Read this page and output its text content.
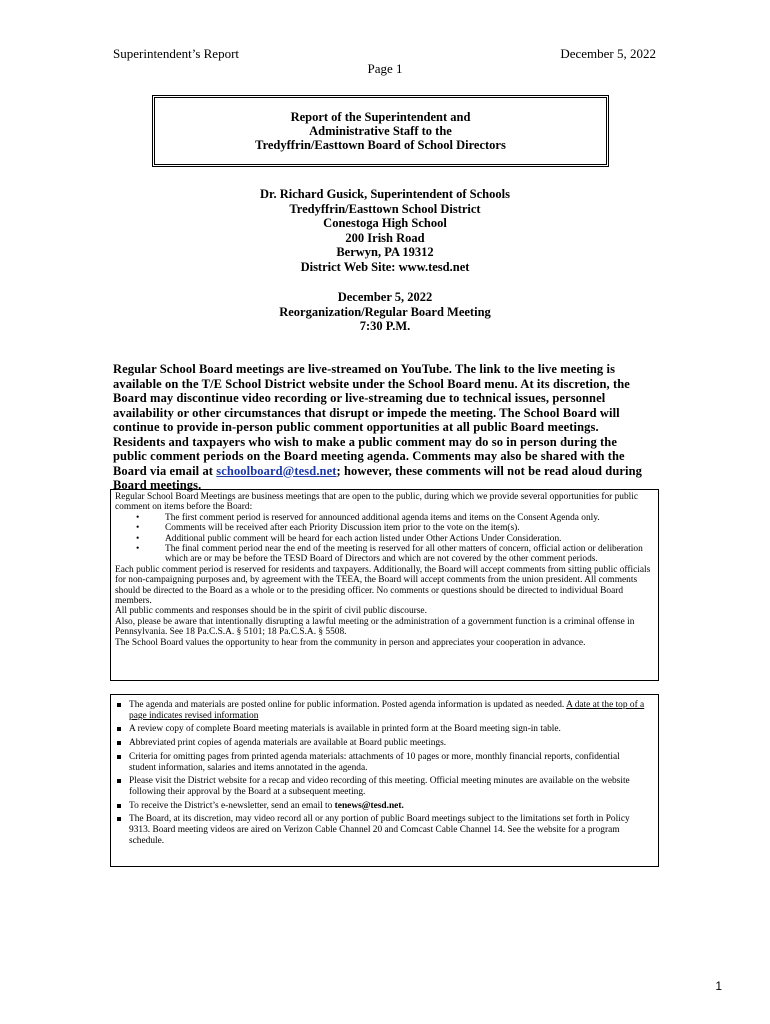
Superintendent’s Report	December 5, 2022
Page 1
Report of the Superintendent and
Administrative Staff to the
Tredyffrin/Easttown Board of School Directors
Dr. Richard Gusick, Superintendent of Schools
Tredyffrin/Easttown School District
Conestoga High School
200 Irish Road
Berwyn, PA 19312
District Web Site: www.tesd.net
December 5, 2022
Reorganization/Regular Board Meeting
7:30 P.M.
Regular School Board meetings are live-streamed on YouTube. The link to the live meeting is available on the T/E School District website under the School Board menu. At its discretion, the Board may discontinue video recording or live-streaming due to technical issues, personnel availability or other circumstances that disrupt or impede the meeting. The School Board will continue to provide in-person public comment opportunities at all public Board meetings. Residents and taxpayers who wish to make a public comment may do so in person during the public comment periods on the Board meeting agenda. Comments may also be shared with the Board via email at schoolboard@tesd.net; however, these comments will not be read aloud during Board meetings.

Regular School Board Meetings are business meetings that are open to the public, during which we provide several opportunities for public comment on items before the Board:

• The first comment period is reserved for announced additional agenda items and items on the Consent Agenda only.
• Comments will be received after each Priority Discussion item prior to the vote on the item(s).
• Additional public comment will be heard for each action listed under Other Actions Under Consideration.
• The final comment period near the end of the meeting is reserved for all other matters of concern, official action or deliberation which are or may be before the TESD Board of Directors and which are not covered by the other comment periods.

Each public comment period is reserved for residents and taxpayers. Additionally, the Board will accept comments from sitting public officials for non-campaigning purposes and, by agreement with the TEEA, the Board will accept comments from the union president. All comments should be directed to the Board as a whole or to the presiding officer. No comments or questions should be directed to individual Board members.

All public comments and responses should be in the spirit of civil public discourse.

Also, please be aware that intentionally disrupting a lawful meeting or the administration of a government function is a criminal offense in Pennsylvania. See 18 Pa.C.S.A. § 5101; 18 Pa.C.S.A. § 5508.

The School Board values the opportunity to hear from the community in person and appreciates your cooperation in advance.

The agenda and materials are posted online for public information. Posted agenda information is updated as needed. A date at the top of a page indicates revised information
A review copy of complete Board meeting materials is available in printed form at the Board meeting sign-in table.
Abbreviated print copies of agenda materials are available at Board public meetings.
Criteria for omitting pages from printed agenda materials: attachments of 10 pages or more, monthly financial reports, confidential student information, salaries and items annotated in the agenda.
Please visit the District website for a recap and video recording of this meeting. Official meeting minutes are available on the website following their approval by the Board at a subsequent meeting.
To receive the District’s e-newsletter, send an email to tenews@tesd.net.
The Board, at its discretion, may video record all or any portion of public Board meetings subject to the limitations set forth in Policy 9313. Board meeting videos are aired on Verizon Cable Channel 20 and Comcast Cable Channel 14. See the website for a program schedule.
1
